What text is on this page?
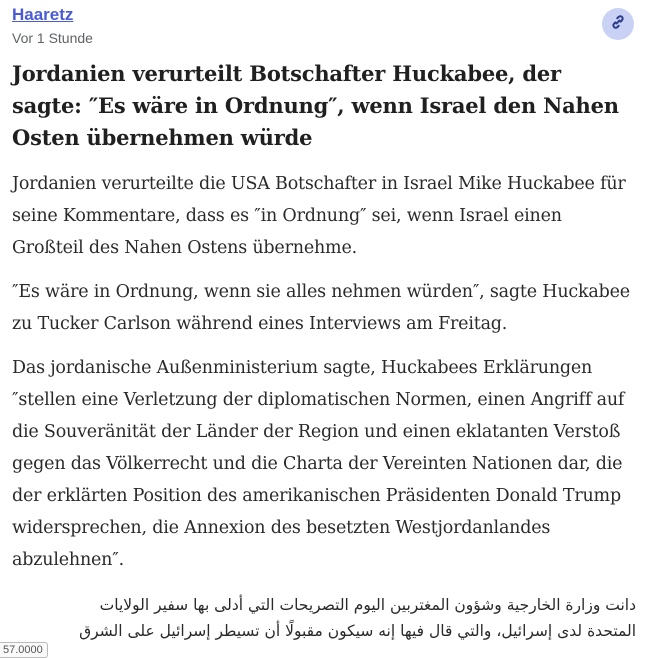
Haaretz
Vor 1 Stunde
Jordanien verurteilt Botschafter Huckabee, der sagte: ″Es wäre in Ordnung″, wenn Israel den Nahen Osten übernehmen würde

Jordanien verurteilte die USA Botschafter in Israel Mike Huckabee für seine Kommentare, dass es ″in Ordnung″ sei, wenn Israel einen Großteil des Nahen Ostens übernehme.

″Es wäre in Ordnung, wenn sie alles nehmen würden″, sagte Huckabee zu Tucker Carlson während eines Interviews am Freitag.

Das jordanische Außenministerium sagte, Huckabees Erklärungen ″stellen eine Verletzung der diplomatischen Normen, einen Angriff auf die Souveränität der Länder der Region und einen eklatanten Verstoß gegen das Völkerrecht und die Charta der Vereinten Nationen dar, die der erklärten Position des amerikanischen Präsidenten Donald Trump widersprechen, die Annexion des besetzten Westjordanlandes abzulehnen″.

دانت وزارة الخارجية وشؤون المغتربين اليوم التصريحات التي أدلى بها سفير الولايات المتحدة لدى إسرائيل، والتي قال فيها إنه سيكون مقبولًا أن تسيطر إسرائيل على الشرق

57.0000
